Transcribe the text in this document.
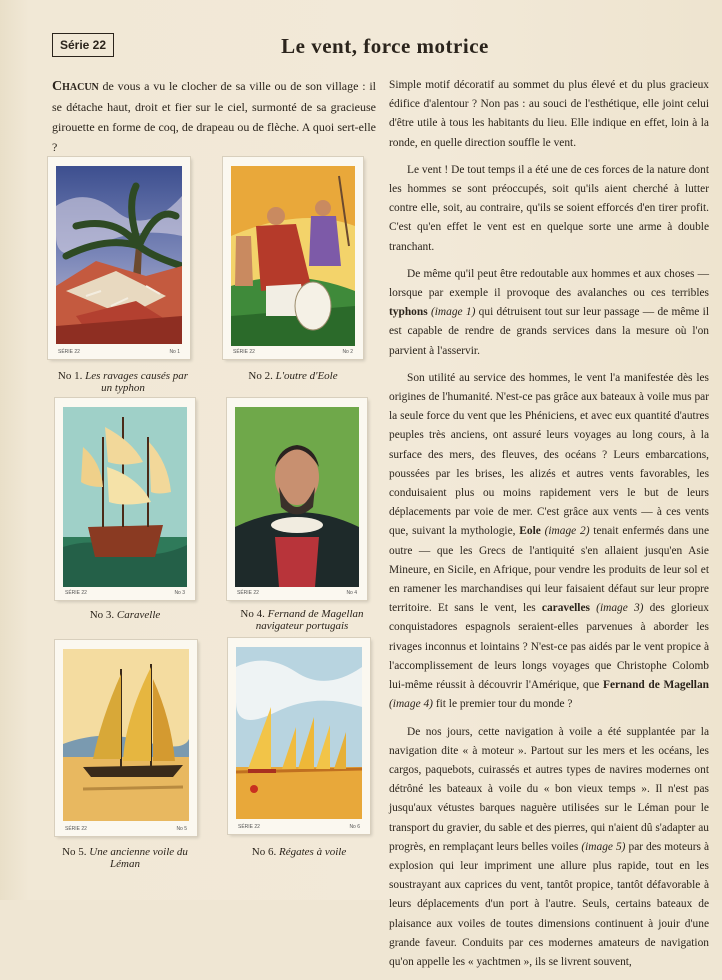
Série 22	Le vent, force motrice
Chacun de vous a vu le clocher de sa ville ou de son village : il se détache haut, droit et fier sur le ciel, surmonté de sa gracieuse girouette en forme de coq, de drapeau ou de flèche. A quoi sert-elle ?
SÉRIE 22	No 1
No 1. Les ravages causés par un typhon
SÉRIE 22	No 2
No 2. L'outre d'Eole
SÉRIE 22	No 3
No 3. Caravelle
SÉRIE 22	No 4
No 4. Fernand de Magellan navigateur portugais
SÉRIE 22	No 5
No 5. Une ancienne voile du Léman
SÉRIE 22	No 6
No 6. Régates à voile

Simple motif décoratif au sommet du plus élevé et du plus gracieux édifice d'alentour ? Non pas : au souci de l'esthétique, elle joint celui d'être utile à tous les habitants du lieu. Elle indique en effet, loin à la ronde, en quelle direction souffle le vent.

Le vent ! De tout temps il a été une de ces forces de la nature dont les hommes se sont préoccupés, soit qu'ils aient cherché à lutter contre elle, soit, au contraire, qu'ils se soient efforcés d'en tirer profit. C'est qu'en effet le vent est en quelque sorte une arme à double tranchant.

De même qu'il peut être redoutable aux hommes et aux choses — lorsque par exemple il provoque des avalanches ou ces terribles typhons (image 1) qui détruisent tout sur leur passage — de même il est capable de rendre de grands services dans la mesure où l'on parvient à l'asservir.

Son utilité au service des hommes, le vent l'a manifestée dès les origines de l'humanité. N'est-ce pas grâce aux bateaux à voile mus par la seule force du vent que les Phéniciens, et avec eux quantité d'autres peuples très anciens, ont assuré leurs voyages au long cours, à la surface des mers, des fleuves, des océans ? Leurs embarcations, poussées par les brises, les alizés et autres vents favorables, les conduisaient plus ou moins rapidement vers le but de leurs déplacements par voie de mer. C'est grâce aux vents — à ces vents que, suivant la mythologie, Eole (image 2) tenait enfermés dans une outre — que les Grecs de l'antiquité s'en allaient jusqu'en Asie Mineure, en Sicile, en Afrique, pour vendre les produits de leur sol et en ramener les marchandises qui leur faisaient défaut sur leur propre territoire. Et sans le vent, les caravelles (image 3) des glorieux conquistadores espagnols seraient-elles parvenues à aborder les rivages inconnus et lointains ? N'est-ce pas aidés par le vent propice à l'accomplissement de leurs longs voyages que Christophe Colomb lui-même réussit à découvrir l'Amérique, que Fernand de Magellan (image 4) fit le premier tour du monde ?

De nos jours, cette navigation à voile a été supplantée par la navigation dite « à moteur ». Partout sur les mers et les océans, les cargos, paquebots, cuirassés et autres types de navires modernes ont détrôné les bateaux à voile du « bon vieux temps ». Il n'est pas jusqu'aux vétustes barques naguère utilisées sur le Léman pour le transport du gravier, du sable et des pierres, qui n'aient dû s'adapter au progrès, en remplaçant leurs belles voiles (image 5) par des moteurs à explosion qui leur impriment une allure plus rapide, tout en les soustrayant aux caprices du vent, tantôt propice, tantôt défavorable à leurs déplacements d'un port à l'autre. Seuls, certains bateaux de plaisance aux voiles de toutes dimensions continuent à jouir d'une grande faveur. Conduits par ces modernes amateurs de navigation qu'on appelle les « yachtmen », ils se livrent souvent,
